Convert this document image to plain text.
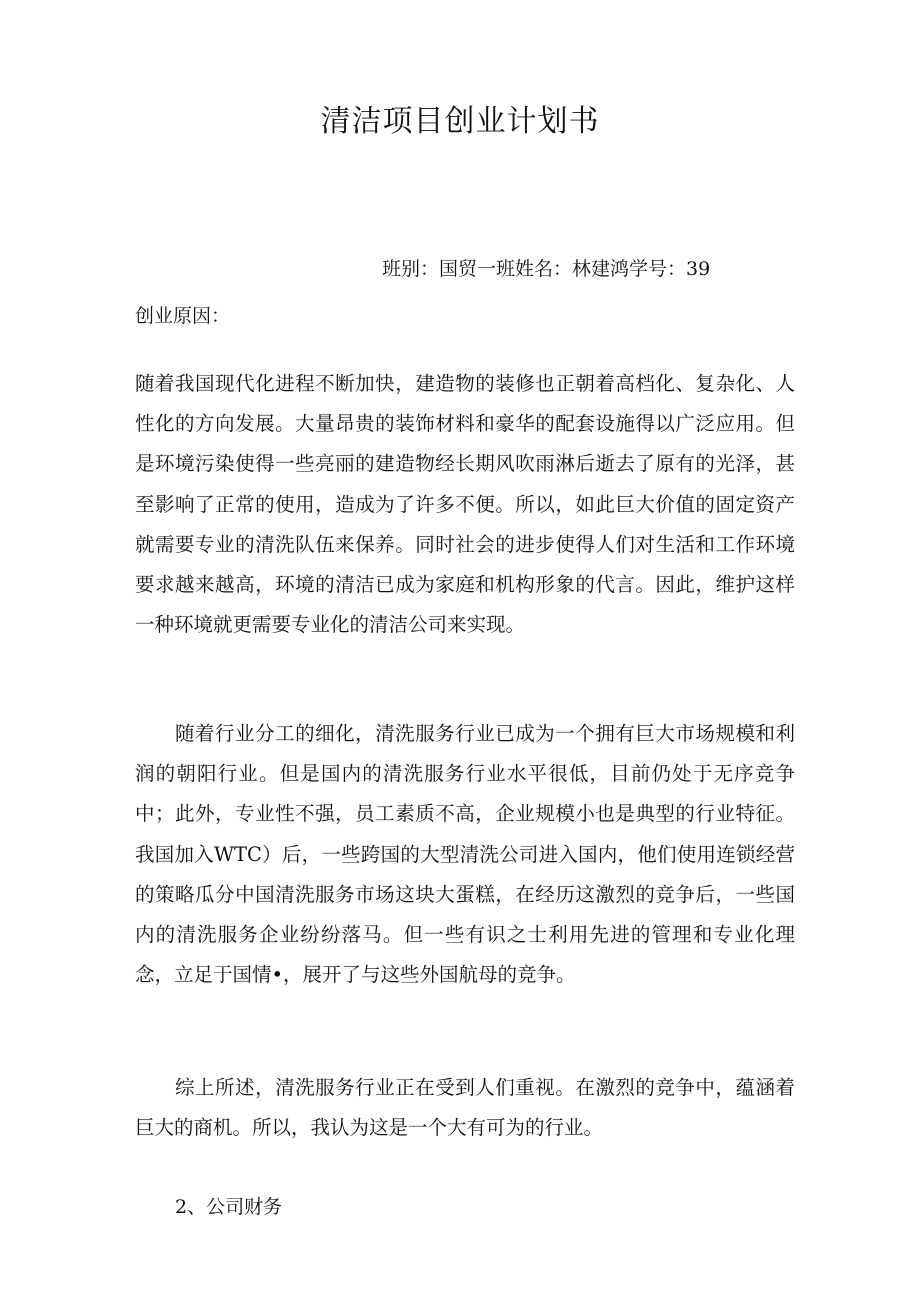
清洁项目创业计划书
班别：国贸一班姓名：林建鸿学号：39

创业原因：

随着我国现代化进程不断加快，建造物的装修也正朝着高档化、复杂化、人性化的方向发展。大量昂贵的装饰材料和豪华的配套设施得以广泛应用。但是环境污染使得一些亮丽的建造物经长期风吹雨淋后逝去了原有的光泽，甚至影响了正常的使用，造成为了许多不便。所以，如此巨大价值的固定资产就需要专业的清洗队伍来保养。同时社会的进步使得人们对生活和工作环境要求越来越高，环境的清洁已成为家庭和机构形象的代言。因此，维护这样一种环境就更需要专业化的清洁公司来实现。

随着行业分工的细化，清洗服务行业已成为一个拥有巨大市场规模和利润的朝阳行业。但是国内的清洗服务行业水平很低，目前仍处于无序竞争中；此外，专业性不强，员工素质不高，企业规模小也是典型的行业特征。我国加入WTC）后，一些跨国的大型清洗公司进入国内，他们使用连锁经营的策略瓜分中国清洗服务市场这块大蛋糕，在经历这激烈的竞争后，一些国内的清洗服务企业纷纷落马。但一些有识之士利用先进的管理和专业化理念，立足于国情•，展开了与这些外国航母的竞争。

综上所述，清洗服务行业正在受到人们重视。在激烈的竞争中，蕴涵着巨大的商机。所以，我认为这是一个大有可为的行业。

2、公司财务
